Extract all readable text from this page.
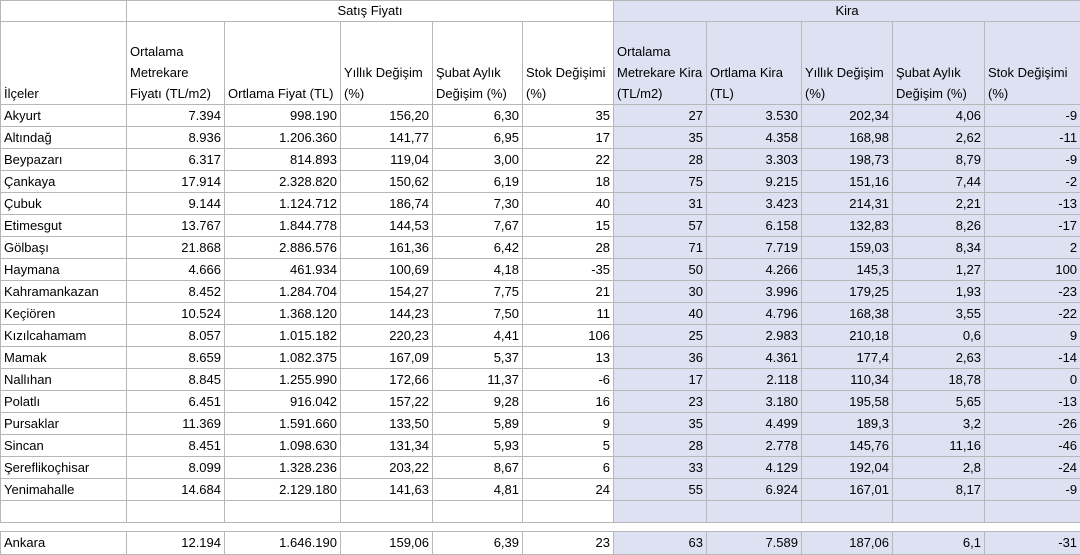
	Satış Fiyatı					Kira				
İlçeler	Ortalama Metrekare Fiyatı (TL/m2)	Ortlama Fiyat (TL)	Yıllık Değişim (%)	Şubat Aylık Değişim (%)	Stok Değişimi (%)	Ortalama Metrekare Kira (TL/m2)	Ortlama Kira (TL)	Yıllık Değişim (%)	Şubat Aylık Değişim (%)	Stok Değişimi (%)
Akyurt	7.394	998.190	156,20	6,30	35	27	3.530	202,34	4,06	-9
Altındağ	8.936	1.206.360	141,77	6,95	17	35	4.358	168,98	2,62	-11
Beypazarı	6.317	814.893	119,04	3,00	22	28	3.303	198,73	8,79	-9
Çankaya	17.914	2.328.820	150,62	6,19	18	75	9.215	151,16	7,44	-2
Çubuk	9.144	1.124.712	186,74	7,30	40	31	3.423	214,31	2,21	-13
Etimesgut	13.767	1.844.778	144,53	7,67	15	57	6.158	132,83	8,26	-17
Gölbaşı	21.868	2.886.576	161,36	6,42	28	71	7.719	159,03	8,34	2
Haymana	4.666	461.934	100,69	4,18	-35	50	4.266	145,3	1,27	100
Kahramankazan	8.452	1.284.704	154,27	7,75	21	30	3.996	179,25	1,93	-23
Keçiören	10.524	1.368.120	144,23	7,50	11	40	4.796	168,38	3,55	-22
Kızılcahamam	8.057	1.015.182	220,23	4,41	106	25	2.983	210,18	0,6	9
Mamak	8.659	1.082.375	167,09	5,37	13	36	4.361	177,4	2,63	-14
Nallıhan	8.845	1.255.990	172,66	11,37	-6	17	2.118	110,34	18,78	0
Polatlı	6.451	916.042	157,22	9,28	16	23	3.180	195,58	5,65	-13
Pursaklar	11.369	1.591.660	133,50	5,89	9	35	4.499	189,3	3,2	-26
Sincan	8.451	1.098.630	131,34	5,93	5	28	2.778	145,76	11,16	-46
Şereflikoçhisar	8.099	1.328.236	203,22	8,67	6	33	4.129	192,04	2,8	-24
Yenimahalle	14.684	2.129.180	141,63	4,81	24	55	6.924	167,01	8,17	-9

Ankara	12.194	1.646.190	159,06	6,39	23	63	7.589	187,06	6,1	-31
